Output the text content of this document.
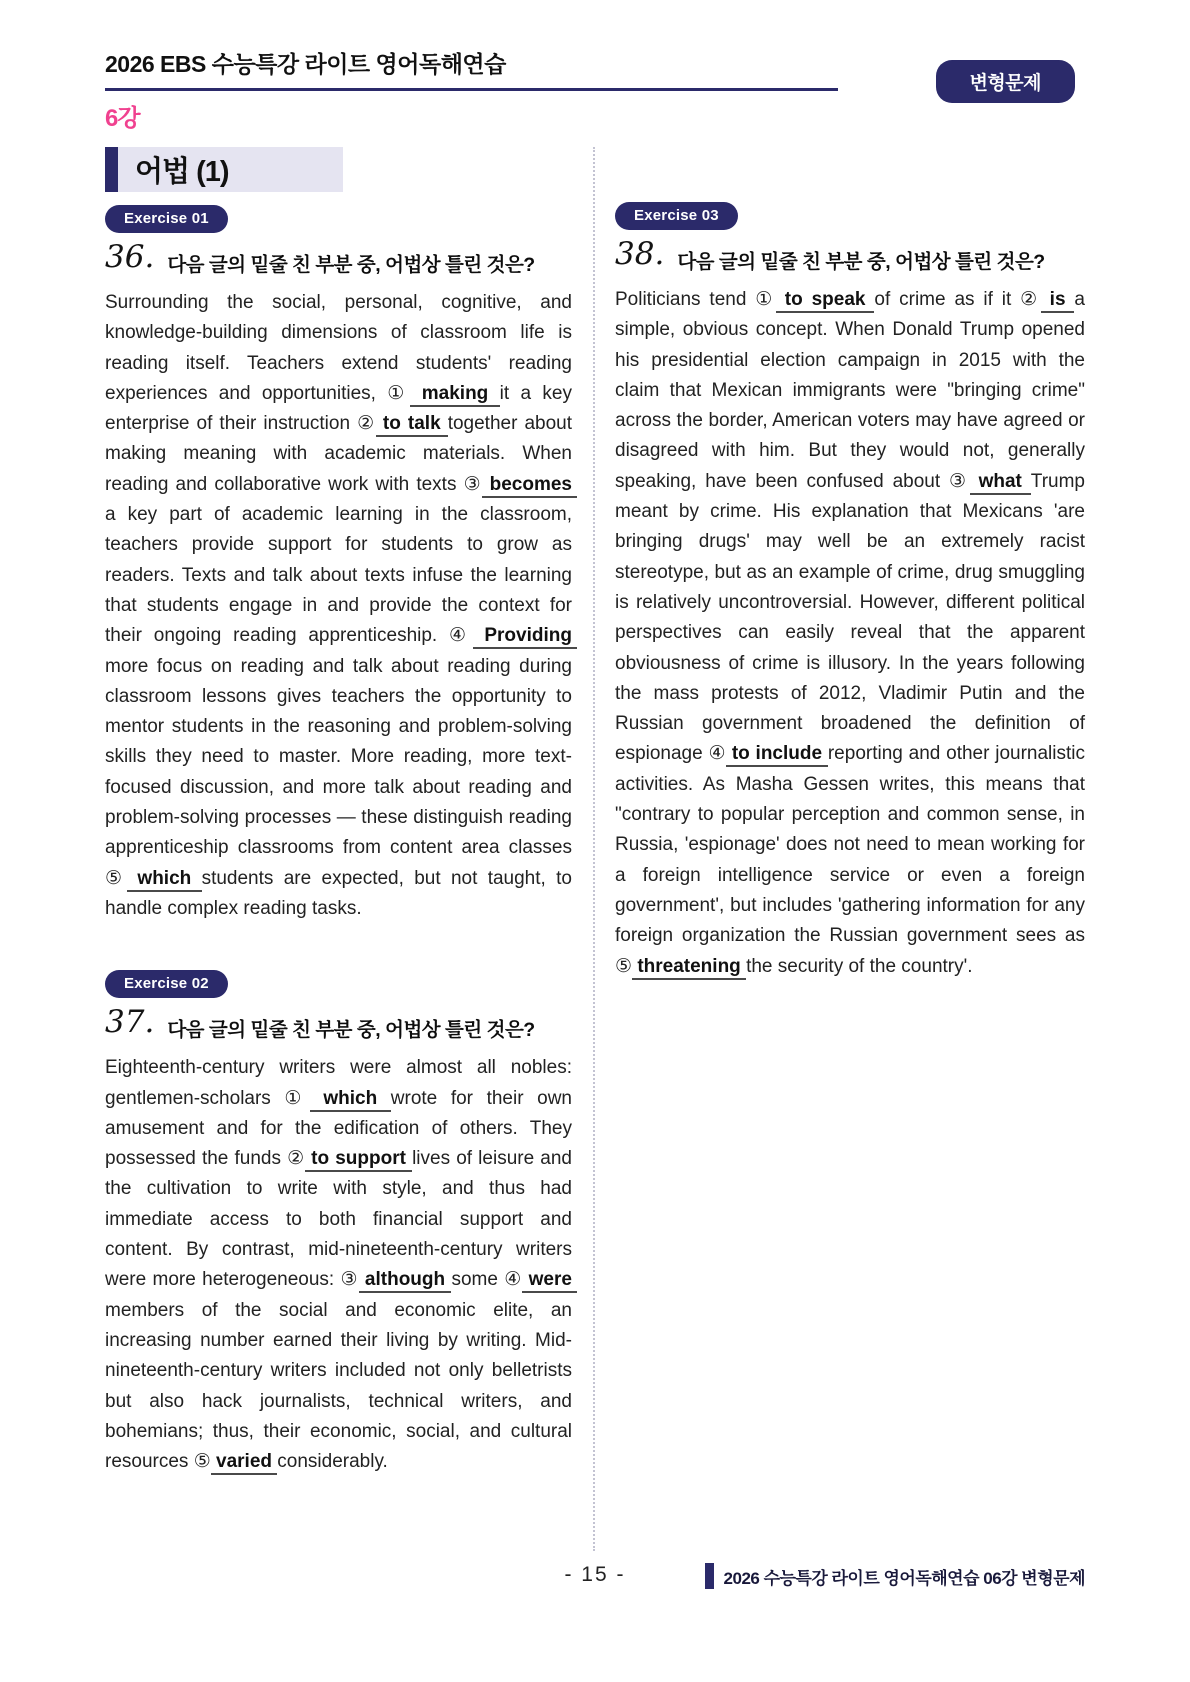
2026 EBS 수능특강 라이트 영어독해연습
6강
변형문제
어법 (1)
Exercise 01
36. 다음 글의 밑줄 친 부분 중, 어법상 틀린 것은?

Surrounding the social, personal, cognitive, and knowledge-building dimensions of classroom life is reading itself. Teachers extend students' reading experiences and opportunities, ① making it a key enterprise of their instruction ② to talk together about making meaning with academic materials. When reading and collaborative work with texts ③ becomes a key part of academic learning in the classroom, teachers provide support for students to grow as readers. Texts and talk about texts infuse the learning that students engage in and provide the context for their ongoing reading apprenticeship. ④ Providing more focus on reading and talk about reading during classroom lessons gives teachers the opportunity to mentor students in the reasoning and problem-solving skills they need to master. More reading, more text-focused discussion, and more talk about reading and problem-solving processes — these distinguish reading apprenticeship classrooms from content area classes ⑤ which students are expected, but not taught, to handle complex reading tasks.

Exercise 02
37. 다음 글의 밑줄 친 부분 중, 어법상 틀린 것은?

Eighteenth-century writers were almost all nobles: gentlemen-scholars ① which wrote for their own amusement and for the edification of others. They possessed the funds ② to support lives of leisure and the cultivation to write with style, and thus had immediate access to both financial support and content. By contrast, mid-nineteenth-century writers were more heterogeneous: ③ although some ④ were members of the social and economic elite, an increasing number earned their living by writing. Mid-nineteenth-century writers included not only belletrists but also hack journalists, technical writers, and bohemians; thus, their economic, social, and cultural resources ⑤ varied considerably.

Exercise 03
38. 다음 글의 밑줄 친 부분 중, 어법상 틀린 것은?

Politicians tend ① to speak of crime as if it ② is a simple, obvious concept. When Donald Trump opened his presidential election campaign in 2015 with the claim that Mexican immigrants were "bringing crime" across the border, American voters may have agreed or disagreed with him. But they would not, generally speaking, have been confused about ③ what Trump meant by crime. His explanation that Mexicans 'are bringing drugs' may well be an extremely racist stereotype, but as an example of crime, drug smuggling is relatively uncontroversial. However, different political perspectives can easily reveal that the apparent obviousness of crime is illusory. In the years following the mass protests of 2012, Vladimir Putin and the Russian government broadened the definition of espionage ④ to include reporting and other journalistic activities. As Masha Gessen writes, this means that "contrary to popular perception and common sense, in Russia, 'espionage' does not need to mean working for a foreign intelligence service or even a foreign government', but includes 'gathering information for any foreign organization the Russian government sees as ⑤ threatening the security of the country'.

- 15 -	2026 수능특강 라이트 영어독해연습 06강 변형문제
